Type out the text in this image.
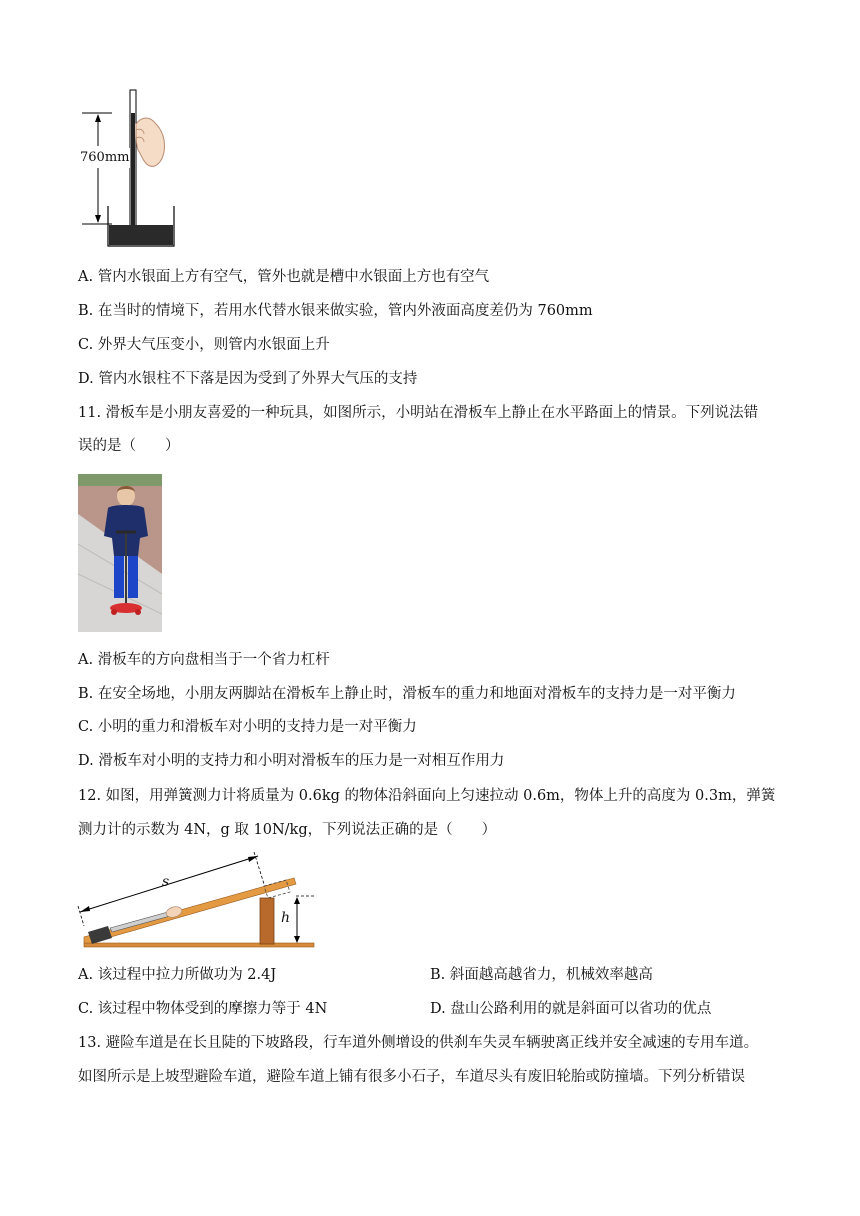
760mm
A. 管内水银面上方有空气，管外也就是槽中水银面上方也有空气
B. 在当时的情境下，若用水代替水银来做实验，管内外液面高度差仍为 760mm
C. 外界大气压变小，则管内水银面上升
D. 管内水银柱不下落是因为受到了外界大气压的支持
11. 滑板车是小朋友喜爱的一种玩具，如图所示，小明站在滑板车上静止在水平路面上的情景。下列说法错
误的是（　　）
A. 滑板车的方向盘相当于一个省力杠杆
B. 在安全场地，小朋友两脚站在滑板车上静止时，滑板车的重力和地面对滑板车的支持力是一对平衡力
C. 小明的重力和滑板车对小明的支持力是一对平衡力
D. 滑板车对小明的支持力和小明对滑板车的压力是一对相互作用力
12. 如图，用弹簧测力计将质量为 0.6kg 的物体沿斜面向上匀速拉动 0.6m，物体上升的高度为 0.3m，弹簧
测力计的示数为 4N，g 取 10N/kg，下列说法正确的是（　　）
s
h
A. 该过程中拉力所做功为 2.4J	B. 斜面越高越省力，机械效率越高
C. 该过程中物体受到的摩擦力等于 4N	D. 盘山公路利用的就是斜面可以省功的优点
13. 避险车道是在长且陡的下坡路段，行车道外侧增设的供刹车失灵车辆驶离正线并安全减速的专用车道。
如图所示是上坡型避险车道，避险车道上铺有很多小石子，车道尽头有废旧轮胎或防撞墙。下列分析错误
